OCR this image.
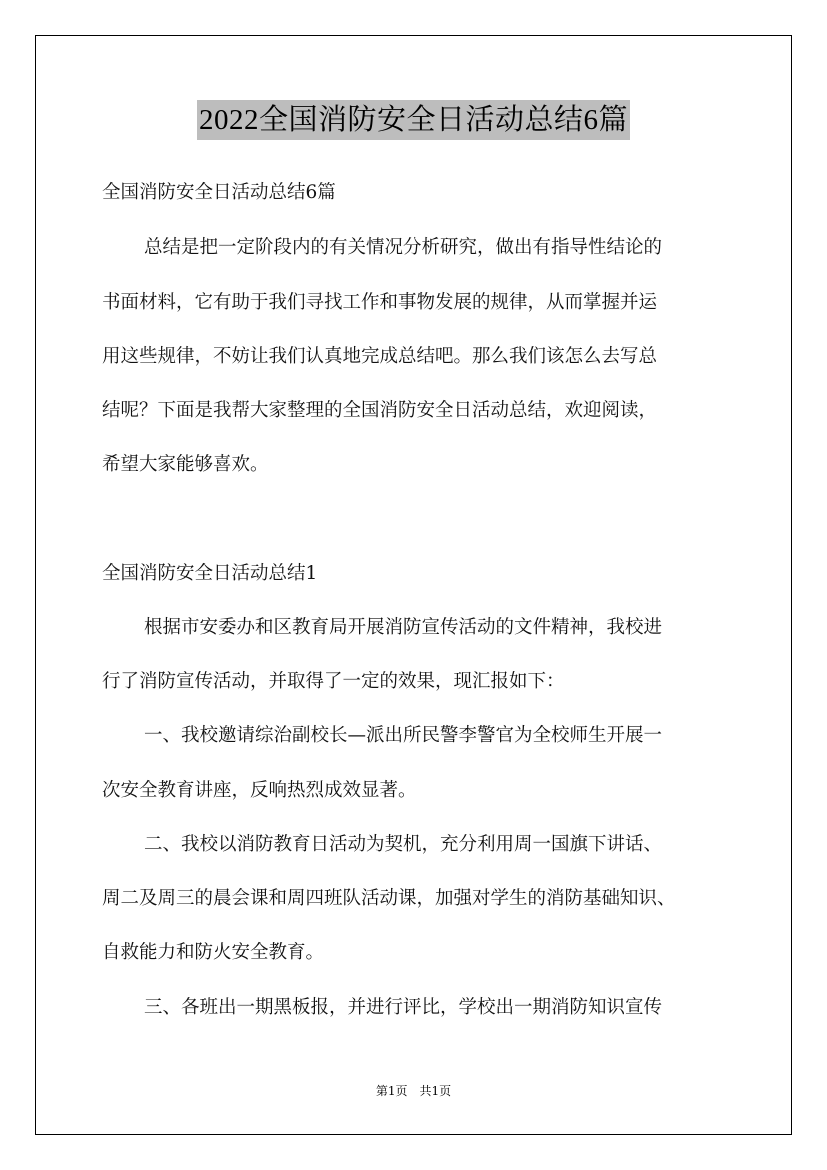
2022全国消防安全日活动总结6篇
全国消防安全日活动总结6篇
总结是把一定阶段内的有关情况分析研究，做出有指导性结论的
书面材料，它有助于我们寻找工作和事物发展的规律，从而掌握并运
用这些规律，不妨让我们认真地完成总结吧。那么我们该怎么去写总
结呢？下面是我帮大家整理的全国消防安全日活动总结，欢迎阅读，
希望大家能够喜欢。
全国消防安全日活动总结1
根据市安委办和区教育局开展消防宣传活动的文件精神，我校进
行了消防宣传活动，并取得了一定的效果，现汇报如下：
一、我校邀请综治副校长—派出所民警李警官为全校师生开展一
次安全教育讲座，反响热烈成效显著。
二、我校以消防教育日活动为契机，充分利用周一国旗下讲话、
周二及周三的晨会课和周四班队活动课，加强对学生的消防基础知识、
自救能力和防火安全教育。
三、各班出一期黑板报，并进行评比，学校出一期消防知识宣传
第1页 共1页
